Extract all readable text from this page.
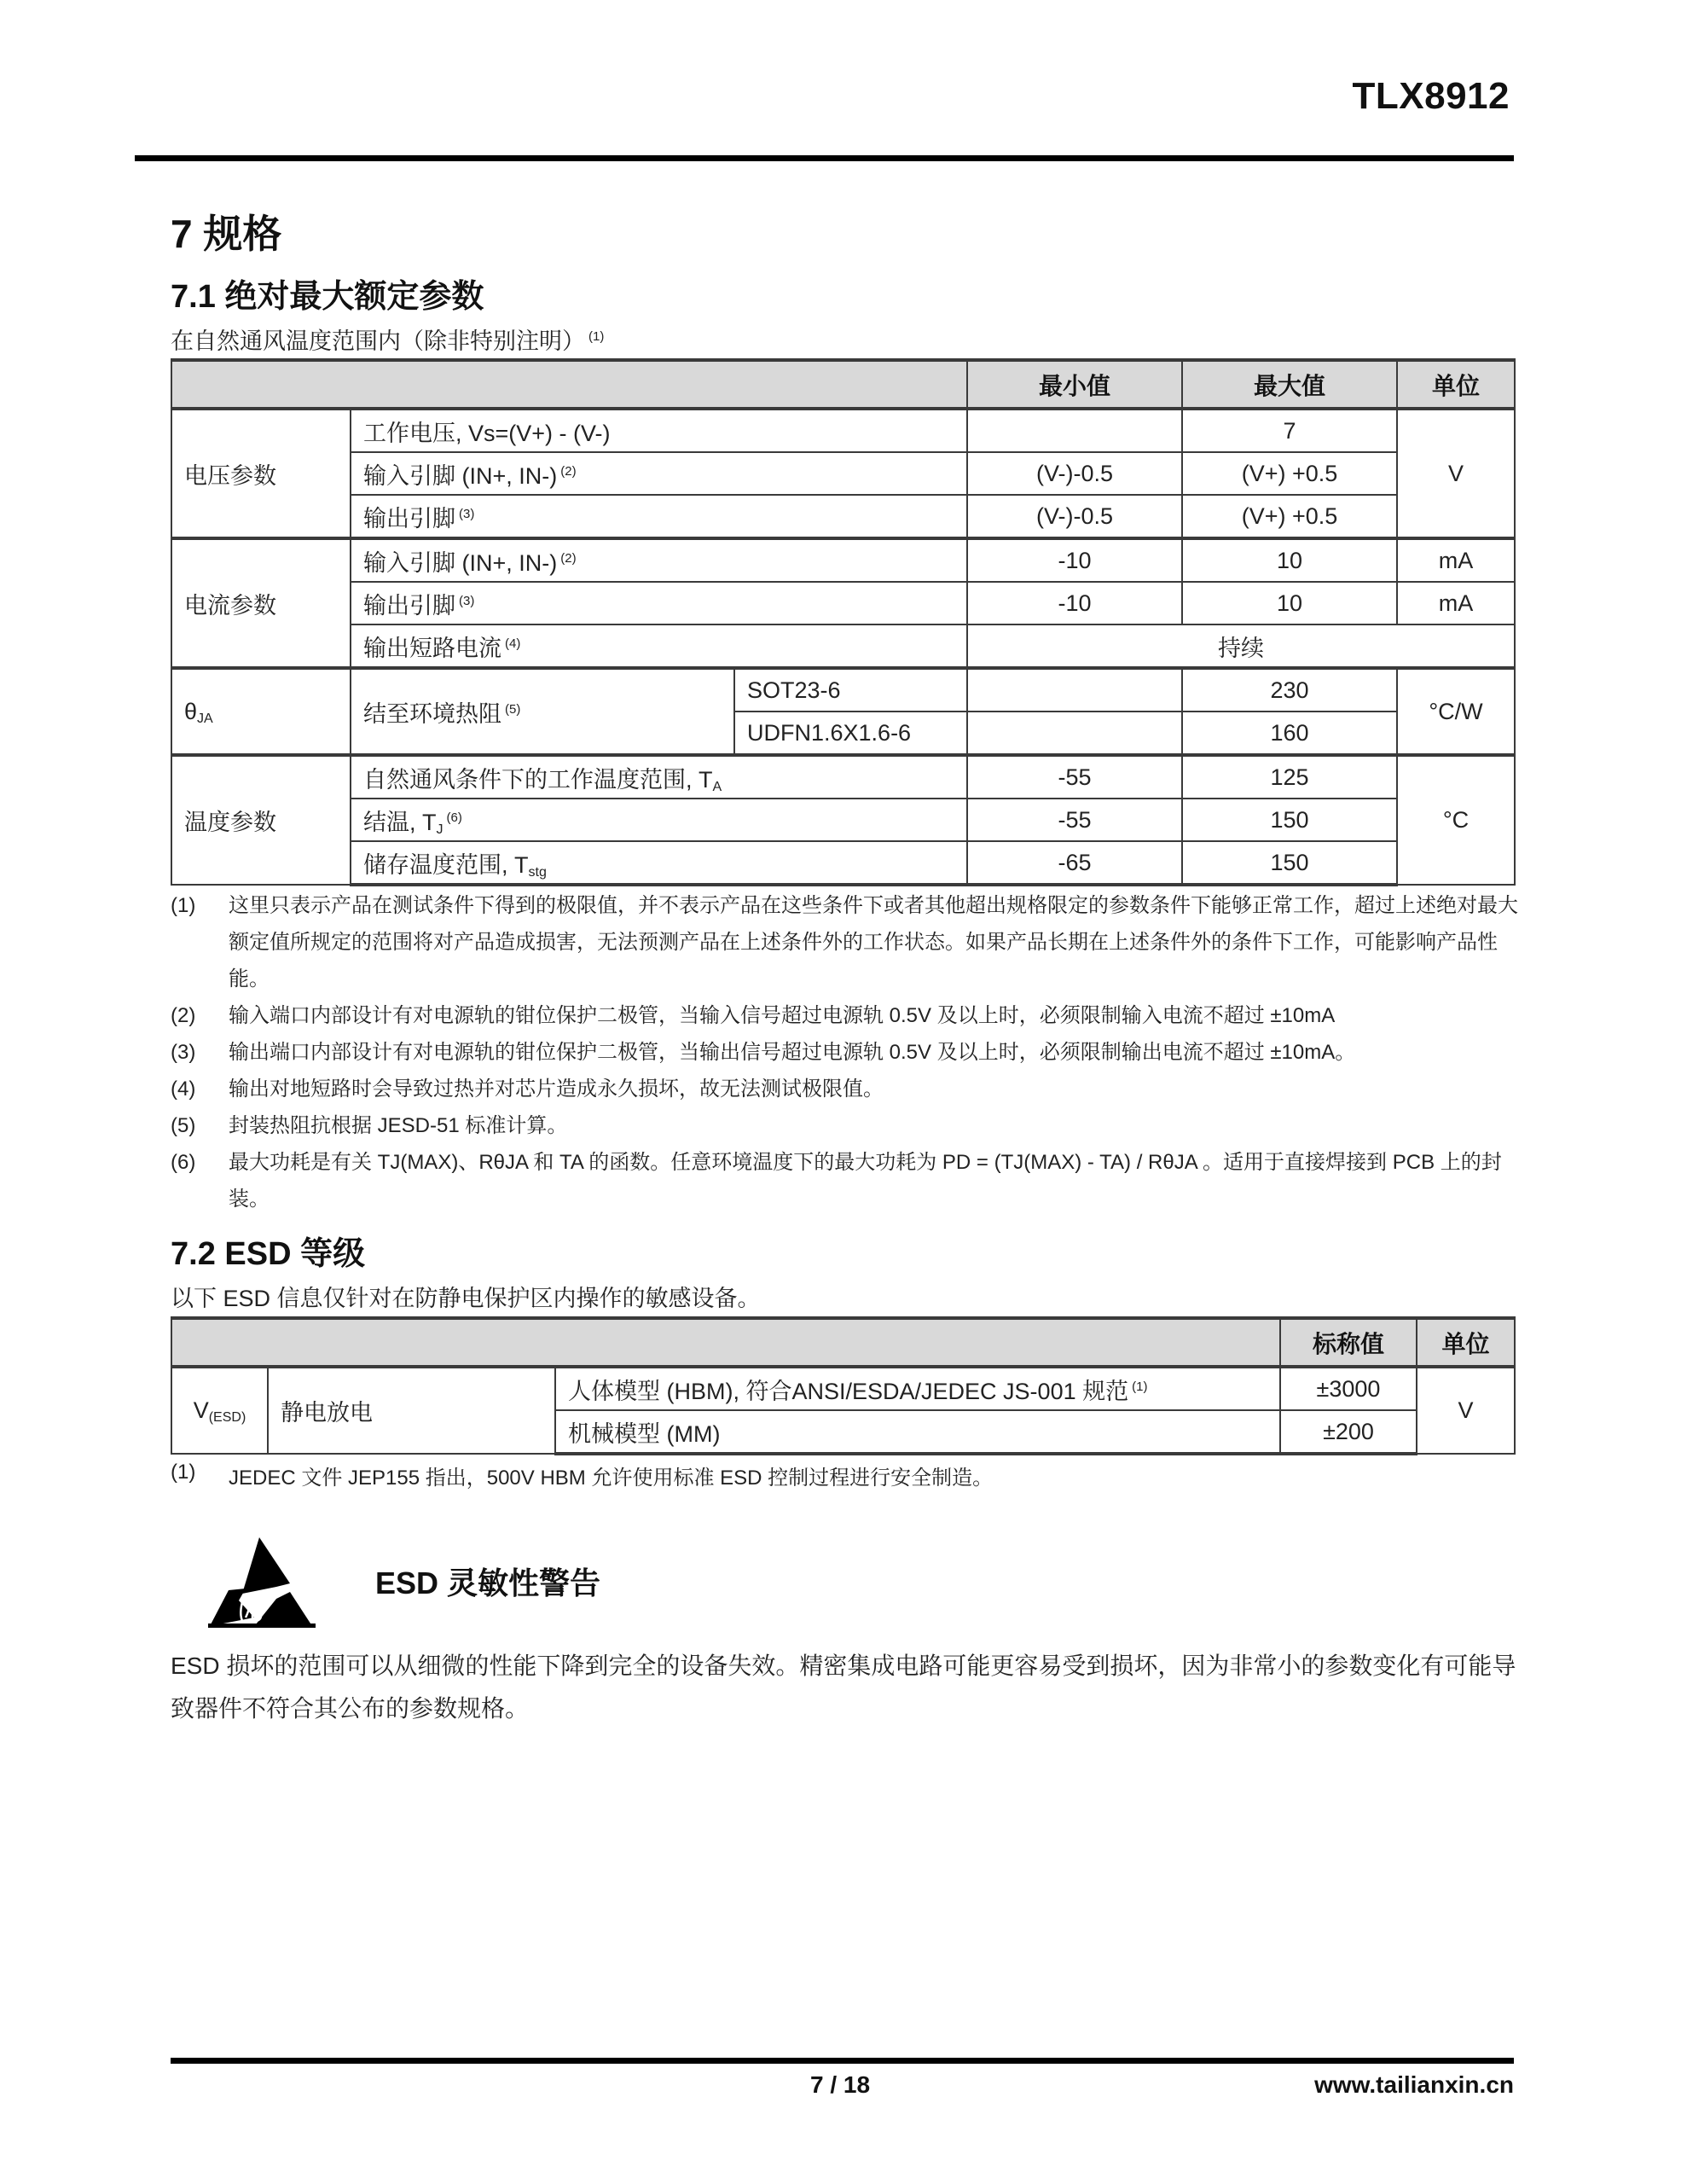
TLX8912
7 规格
7.1 绝对最大额定参数
在自然通风温度范围内（除非特别注明） $^{(1)}$
			最小值	最大值	单位
电压参数	工作电压, Vs=(V+) - (V-)			7	V
	输入引脚 (IN+, IN-) $^{(2)}$		(V-)-0.5	(V+) +0.5	
	输出引脚 $^{(3)}$		(V-)-0.5	(V+) +0.5	
电流参数	输入引脚 (IN+, IN-) $^{(2)}$		-10	10	mA
	输出引脚 $^{(3)}$		-10	10	mA
	输出短路电流 $^{(4)}$		持续		
$\theta_{JA}$	结至环境热阻 $^{(5)}$	SOT23-6		230	°C/W
		UDFN1.6X1.6-6		160	
温度参数	自然通风条件下的工作温度范围, $T_A$		-55	125	°C
	结温, $T_J^{(6)}$		-55	150	
	储存温度范围, $T_{stg}$		-65	150	
(1)	这里只表示产品在测试条件下得到的极限值，并不表示产品在这些条件下或者其他超出规格限定的参数条件下能够正常工作，超过上述绝对最大额定值所规定的范围将对产品造成损害，无法预测产品在上述条件外的工作状态。如果产品长期在上述条件外的条件下工作，可能影响产品性能。
(2)	输入端口内部设计有对电源轨的钳位保护二极管，当输入信号超过电源轨 0.5V 及以上时，必须限制输入电流不超过 ±10mA
(3)	输出端口内部设计有对电源轨的钳位保护二极管，当输出信号超过电源轨 0.5V 及以上时，必须限制输出电流不超过 ±10mA。
(4)	输出对地短路时会导致过热并对芯片造成永久损坏，故无法测试极限值。
(5)	封装热阻抗根据 JESD-51 标准计算。
(6)	最大功耗是有关 TJ(MAX)、RθJA 和 TA 的函数。任意环境温度下的最大功耗为 PD = (TJ(MAX) - TA) / RθJA 。适用于直接焊接到 PCB 上的封装。
7.2 ESD 等级
以下 ESD 信息仅针对在防静电保护区内操作的敏感设备。
			标称值	单位
$V_{(ESD)}$	静电放电	人体模型 (HBM), 符合ANSI/ESDA/JEDEC JS-001 规范 $^{(1)}$	±3000	V
		机械模型 (MM)	±200	
(1)	JEDEC 文件 JEP155 指出，500V HBM 允许使用标准 ESD 控制过程进行安全制造。
ESD 灵敏性警告
ESD 损坏的范围可以从细微的性能下降到完全的设备失效。精密集成电路可能更容易受到损坏，因为非常小的参数变化有可能导致器件不符合其公布的参数规格。
7 / 18	www.tailianxin.cn
